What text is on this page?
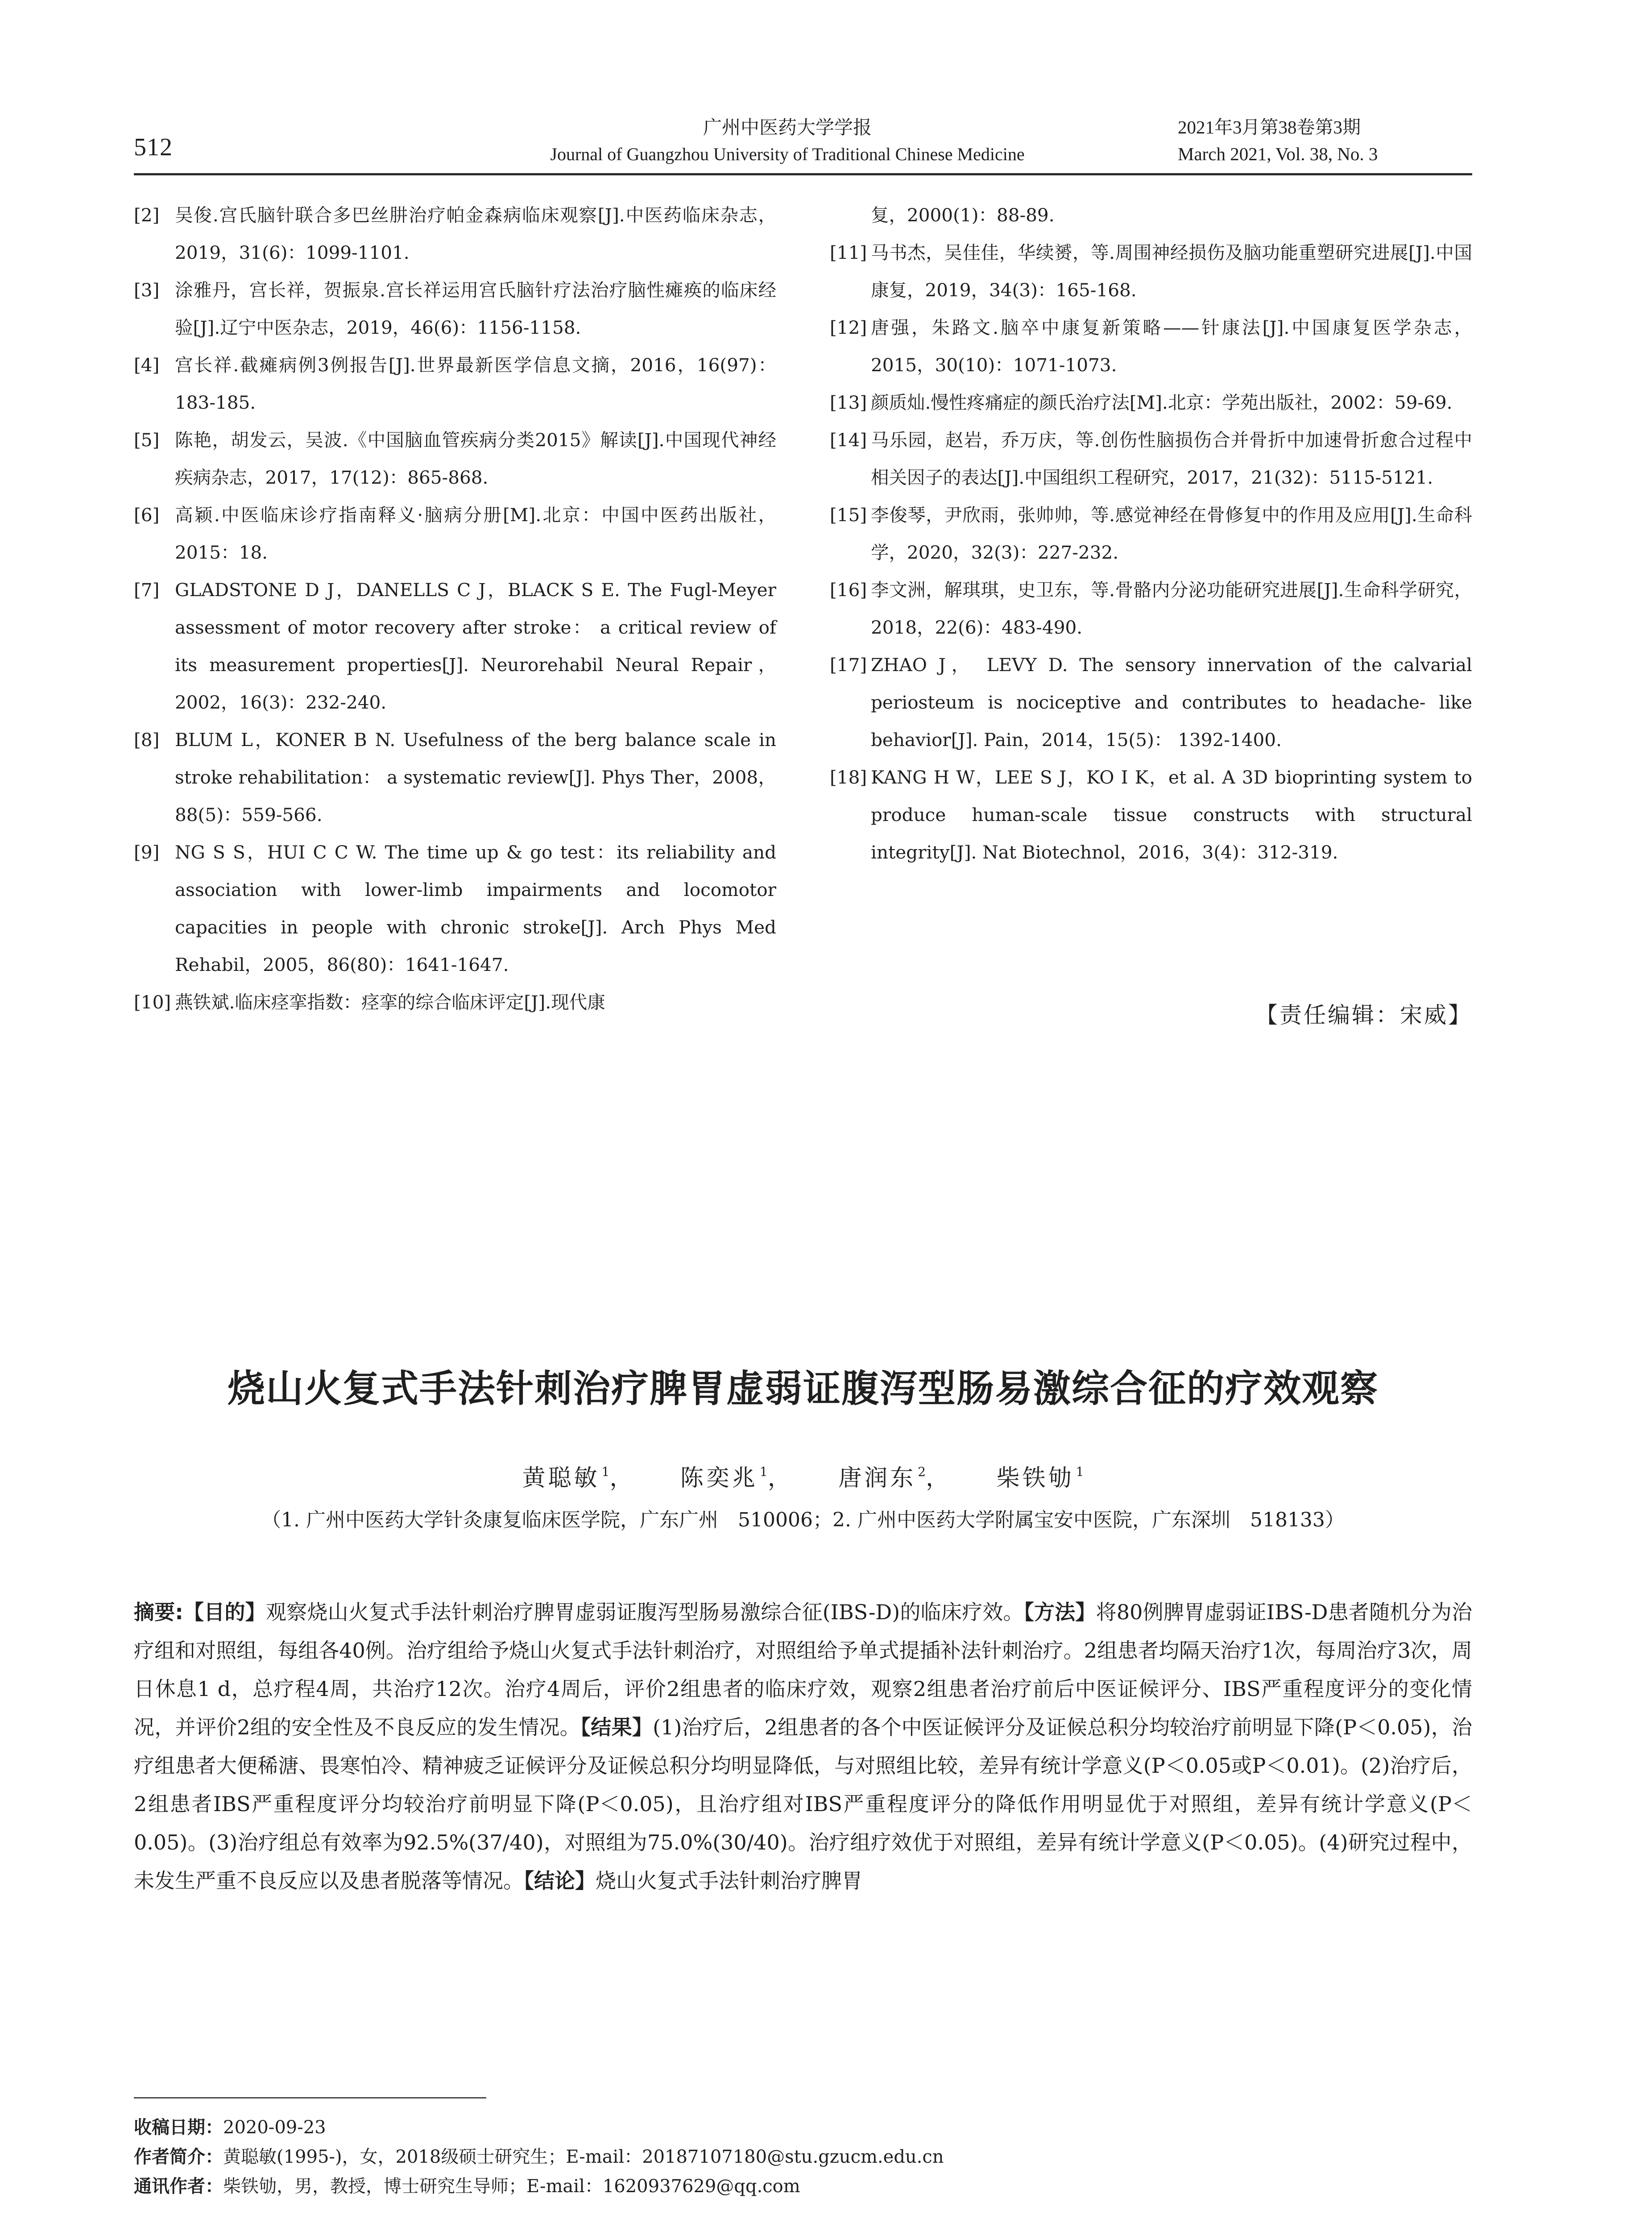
512
广州中医药大学学报
Journal of Guangzhou University of Traditional Chinese Medicine
2021年3月第38卷第3期
March 2021, Vol. 38, No. 3
[2] 吴俊.宫氏脑针联合多巴丝肼治疗帕金森病临床观察[J].中医药临床杂志，2019，31(6)：1099-1101.
[3] 涂雅丹，宫长祥，贺振泉.宫长祥运用宫氏脑针疗法治疗脑性瘫痪的临床经验[J].辽宁中医杂志，2019，46(6)：1156-1158.
[4] 宫长祥.截瘫病例3例报告[J].世界最新医学信息文摘，2016，16(97)：183-185.
[5] 陈艳，胡发云，吴波.《中国脑血管疾病分类2015》解读[J].中国现代神经疾病杂志，2017，17(12)：865-868.
[6] 高颖.中医临床诊疗指南释义·脑病分册[M].北京：中国中医药出版社，2015：18.
[7] GLADSTONE D J，DANELLS C J，BLACK S E. The Fugl-Meyer assessment of motor recovery after stroke： a critical review of its measurement properties[J]. Neurorehabil Neural Repair，2002，16(3)：232-240.
[8] BLUM L，KONER B N. Usefulness of the berg balance scale in stroke rehabilitation： a systematic review[J]. Phys Ther，2008，88(5)：559-566.
[9] NG S S，HUI C C W. The time up & go test：its reliability and association with lower-limb impairments and locomotor capacities in people with chronic stroke[J]. Arch Phys Med Rehabil，2005，86(80)：1641-1647.
[10] 燕铁斌.临床痉挛指数：痉挛的综合临床评定[J].现代康
复，2000(1)：88-89.
[11] 马书杰，吴佳佳，华续赟，等.周围神经损伤及脑功能重塑研究进展[J].中国康复，2019，34(3)：165-168.
[12] 唐强，朱路文.脑卒中康复新策略——针康法[J].中国康复医学杂志，2015，30(10)：1071-1073.
[13] 颜质灿.慢性疼痛症的颜氏治疗法[M].北京：学苑出版社，2002：59-69.
[14] 马乐园，赵岩，乔万庆，等.创伤性脑损伤合并骨折中加速骨折愈合过程中相关因子的表达[J].中国组织工程研究，2017，21(32)：5115-5121.
[15] 李俊琴，尹欣雨，张帅帅，等.感觉神经在骨修复中的作用及应用[J].生命科学，2020，32(3)：227-232.
[16] 李文洲，解琪琪，史卫东，等.骨骼内分泌功能研究进展[J].生命科学研究，2018，22(6)：483-490.
[17] ZHAO J， LEVY D. The sensory innervation of the calvarial periosteum is nociceptive and contributes to headache- like behavior[J]. Pain，2014，15(5)： 1392-1400.
[18] KANG H W，LEE S J，KO I K，et al. A 3D bioprinting system to produce human-scale tissue constructs with structural integrity[J]. Nat Biotechnol，2016，3(4)：312-319.
【责任编辑：宋威】
烧山火复式手法针刺治疗脾胃虚弱证腹泻型肠易激综合征的疗效观察
黄聪敏 $^1$， 陈奕兆 $^1$， 唐润东 $^2$， 柴铁劬 $^1$
（1. 广州中医药大学针灸康复临床医学院，广东广州　510006；2. 广州中医药大学附属宝安中医院，广东深圳　518133）
摘要:【目的】观察烧山火复式手法针刺治疗脾胃虚弱证腹泻型肠易激综合征(IBS-D)的临床疗效。【方法】将80例脾胃虚弱证IBS-D患者随机分为治疗组和对照组，每组各40例。治疗组给予烧山火复式手法针刺治疗，对照组给予单式提插补法针刺治疗。2组患者均隔天治疗1次，每周治疗3次，周日休息1 d，总疗程4周，共治疗12次。治疗4周后，评价2组患者的临床疗效，观察2组患者治疗前后中医证候评分、IBS严重程度评分的变化情况，并评价2组的安全性及不良反应的发生情况。【结果】(1)治疗后，2组患者的各个中医证候评分及证候总积分均较治疗前明显下降(P＜0.05)，治疗组患者大便稀溏、畏寒怕冷、精神疲乏证候评分及证候总积分均明显降低，与对照组比较，差异有统计学意义(P＜0.05或P＜0.01)。(2)治疗后，2组患者IBS严重程度评分均较治疗前明显下降(P＜0.05)，且治疗组对IBS严重程度评分的降低作用明显优于对照组，差异有统计学意义(P＜0.05)。(3)治疗组总有效率为92.5%(37/40)，对照组为75.0%(30/40)。治疗组疗效优于对照组，差异有统计学意义(P＜0.05)。(4)研究过程中，未发生严重不良反应以及患者脱落等情况。【结论】烧山火复式手法针刺治疗脾胃
收稿日期：2020-09-23
作者简介：黄聪敏(1995-)，女，2018级硕士研究生；E-mail：20187107180@stu.gzucm.edu.cn
通讯作者：柴铁劬，男，教授，博士研究生导师；E-mail：1620937629@qq.com
